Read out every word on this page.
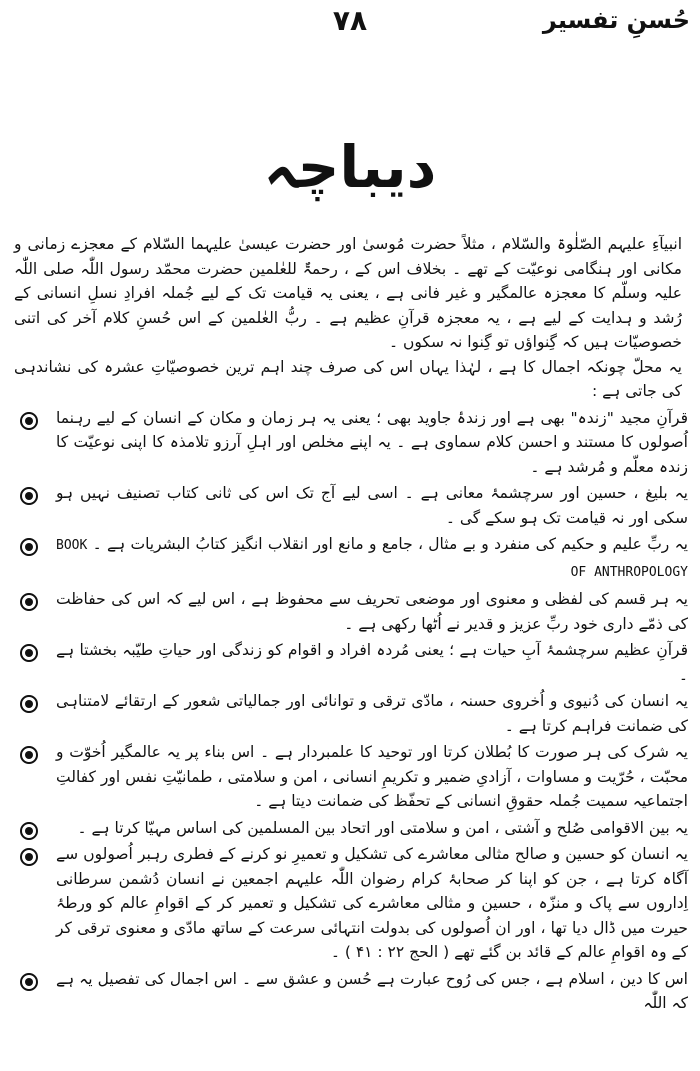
حُسنِ تفسیر
۷۸
دیباچہ

انبیآءِ علیہم الصّلٰوۃ والسّلام ، مثلاً حضرت مُوسیٰ اور حضرت عیسیٰ علیہما السّلام کے معجزے زمانی و مکانی اور ہنگامی نوعیّت کے تھے ۔ بخلاف اس کے ، رحمۃٌ للعٰلمین حضرت محمّد رسول اللّٰہ صلی اللّٰہ علیہ وسلّم کا معجزہ عالمگیر و غیر فانی ہے ، یعنی یہ قیامت تک کے لیے جُملہ افرادِ نسلِ انسانی کے رُشد و ہدایت کے لیے ہے ، یہ معجزہ قرآنِ عظیم ہے ۔ ربُّ العٰلمین کے اس حُسنِ کلام آخر کی اتنی خصوصیّات ہیں کہ گِنواؤں تو گِنوا نہ سکوں ۔

یہ محلّ چونکہ اجمال کا ہے ، لہٰذا یہاں اس کی صرف چند اہم ترین خصوصیّاتِ عشرہ کی نشاندہی کی جاتی ہے :

قرآنِ مجید "زندہ" بھی ہے اور زندۂ جاوید بھی ؛ یعنی یہ ہر زمان و مکان کے انسان کے لیے رہنما اُصولوں کا مستند و احسن کلام سماوی ہے ۔ یہ اپنے مخلص اور اہلِ آرزو تلامذہ کا اپنی نوعیّت کا زندہ معلّم و مُرشد ہے ۔
یہ بلیغ ، حسین اور سرچشمۂ معانی ہے ۔ اسی لیے آج تک اس کی ثانی کتاب تصنیف نہیں ہو سکی اور نہ قیامت تک ہو سکے گی ۔
یہ ربِّ علیم و حکیم کی منفرد و بے مثال ، جامع و مانع اور انقلاب انگیز کتابُ البشریات ہے ۔ BOOK OF ANTHROPOLOGY
یہ ہر قسم کی لفظی و معنوی اور موضعی تحریف سے محفوظ ہے ، اس لیے کہ اس کی حفاظت کی ذمّے داری خود ربِّ عزیز و قدیر نے اُٹھا رکھی ہے ۔
قرآنِ عظیم سرچشمۂ آبِ حیات ہے ؛ یعنی مُردہ افراد و اقوام کو زندگی اور حیاتِ طیّبہ بخشتا ہے ۔
یہ انسان کی دُنیوی و اُخروی حسنہ ، مادّی ترقی و توانائی اور جمالیاتی شعور کے ارتقائے لامتناہی کی ضمانت فراہم کرتا ہے ۔
یہ شرک کی ہر صورت کا بُطلان کرتا اور توحید کا علمبردار ہے ۔ اس بناء پر یہ عالمگیر اُخوّت و محبّت ، حُرّیت و مساوات ، آزادیِ ضمیر و تکریمِ انسانی ، امن و سلامتی ، طمانیّتِ نفس اور کفالتِ اجتماعیہ سمیت جُملہ حقوقِ انسانی کے تحفّظ کی ضمانت دیتا ہے ۔
یہ بین الاقوامی صُلح و آشتی ، امن و سلامتی اور اتحاد بین المسلمین کی اساس مہیّا کرتا ہے ۔
یہ انسان کو حسین و صالح مثالی معاشرے کی تشکیل و تعمیرِ نو کرنے کے فطری رہبر اُصولوں سے آگاہ کرتا ہے ، جن کو اپنا کر صحابۂ کرام رضوان اللّٰہ علیہم اجمعین نے انسان دُشمن سرطانی اِداروں سے پاک و منزّہ ، حسین و مثالی معاشرے کی تشکیل و تعمیر کر کے اقوامِ عالم کو ورطۂ حیرت میں ڈال دیا تھا ، اور ان اُصولوں کی بدولت انتہائی سرعت کے ساتھ مادّی و معنوی ترقی کر کے وہ اقوامِ عالم کے قائد بن گئے تھے ( الحج ۲۲ : ۴۱ ) ۔
اس کا دین ، اسلام ہے ، جس کی رُوح عبارت ہے حُسن و عشق سے ۔ اس اجمال کی تفصیل یہ ہے کہ اللّٰہ
